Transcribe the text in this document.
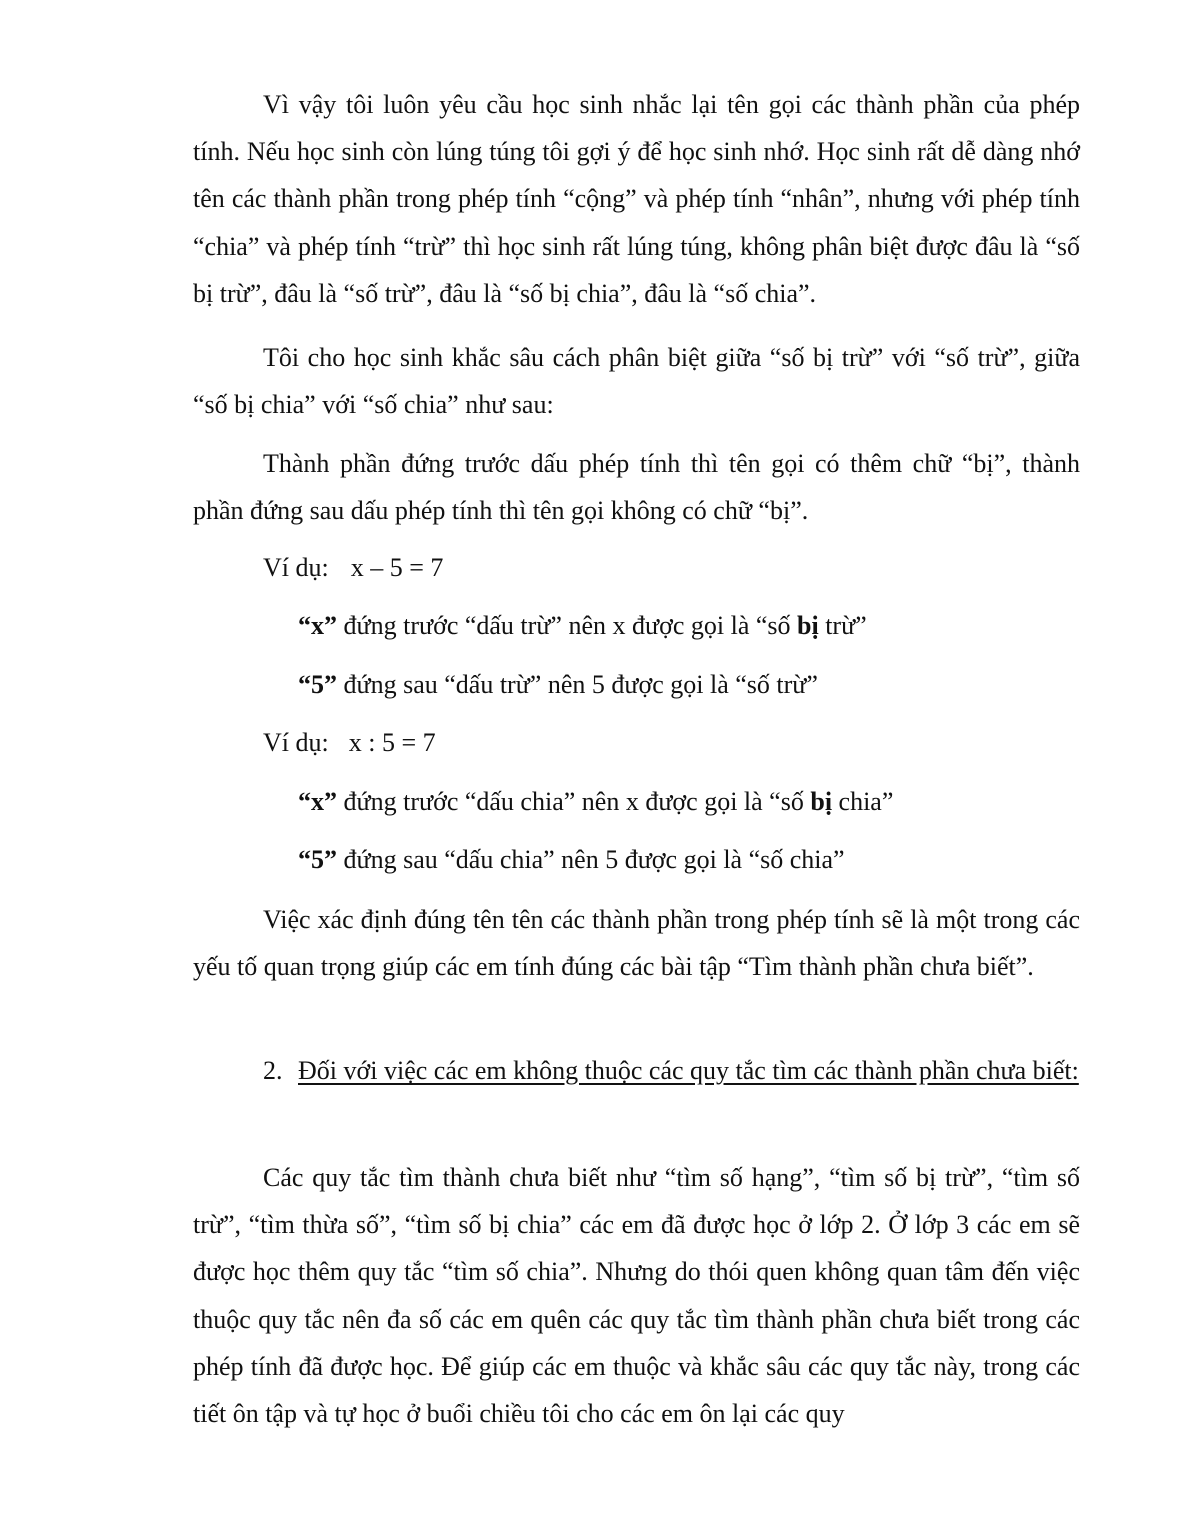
Vì vậy tôi luôn yêu cầu học sinh nhắc lại tên gọi các thành phần của phép tính. Nếu học sinh còn lúng túng tôi gợi ý để học sinh nhớ. Học sinh rất dễ dàng nhớ tên các thành phần trong phép tính “cộng” và phép tính “nhân”, nhưng với phép tính “chia” và phép tính “trừ” thì học sinh rất lúng túng, không phân biệt được đâu là “số bị trừ”, đâu là “số trừ”, đâu là “số bị chia”, đâu là “số chia”.

Tôi cho học sinh khắc sâu cách phân biệt giữa “số bị trừ” với “số trừ”, giữa “số bị chia” với “số chia” như sau:

Thành phần đứng trước dấu phép tính thì tên gọi có thêm chữ “bị”, thành phần đứng sau dấu phép tính thì tên gọi không có chữ “bị”.

Ví dụ: x – 5 = 7
“x” đứng trước “dấu trừ” nên x được gọi là “số bị trừ”
“5” đứng sau “dấu trừ” nên 5 được gọi là “số trừ”
Ví dụ: x : 5 = 7
“x” đứng trước “dấu chia” nên x được gọi là “số bị chia”
“5” đứng sau “dấu chia” nên 5 được gọi là “số chia”

Việc xác định đúng tên tên các thành phần trong phép tính sẽ là một trong các yếu tố quan trọng giúp các em tính đúng các bài tập “Tìm thành phần chưa biết”.

2. Đối với việc các em không thuộc các quy tắc tìm các thành phần chưa biết:

Các quy tắc tìm thành chưa biết như “tìm số hạng”, “tìm số bị trừ”, “tìm số trừ”, “tìm thừa số”, “tìm số bị chia” các em đã được học ở lớp 2. Ở lớp 3 các em sẽ được học thêm quy tắc “tìm số chia”. Nhưng do thói quen không quan tâm đến việc thuộc quy tắc nên đa số các em quên các quy tắc tìm thành phần chưa biết trong các phép tính đã được học. Để giúp các em thuộc và khắc sâu các quy tắc này, trong các tiết ôn tập và tự học ở buổi chiều tôi cho các em ôn lại các quy
